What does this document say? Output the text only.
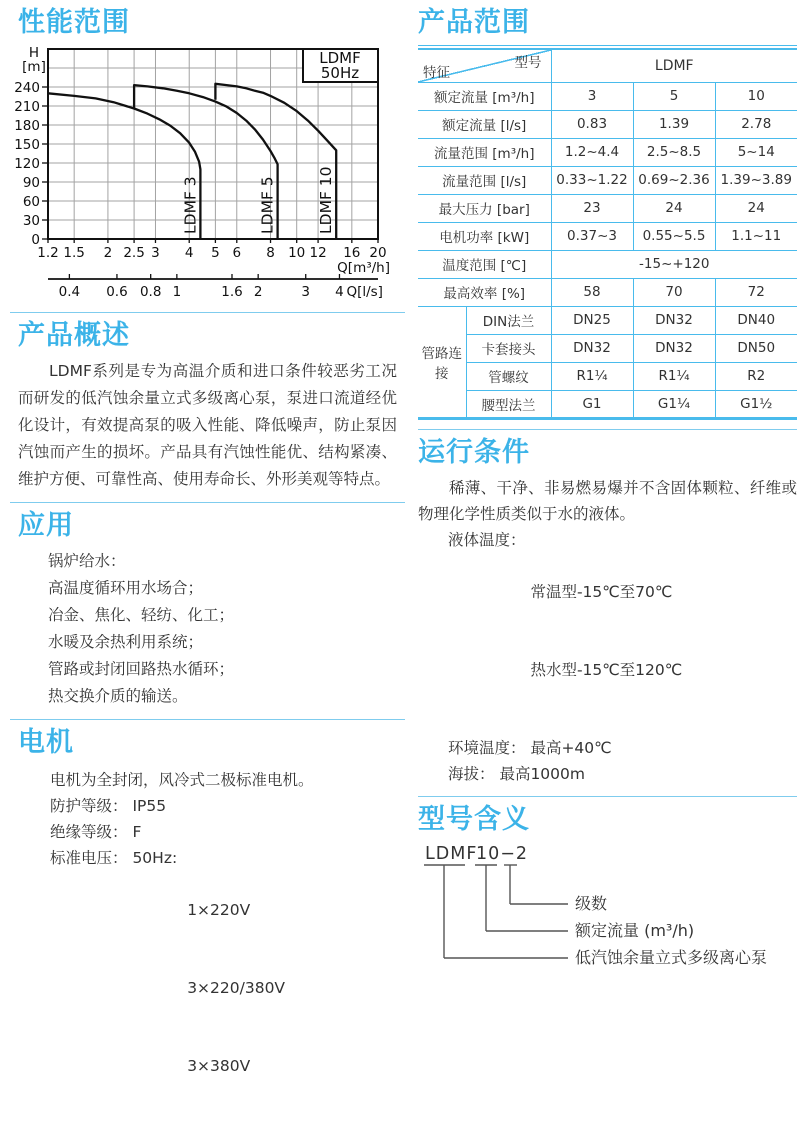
性能范围
LDMF 3	LDMF 5	LDMF 10
1.2 1.5 2 2.5 3 4 5 6 8 10 12 16 20
0
30
60
90
120
150
180
210
240
H
[m]
Q[m³/h]
0.4 0.6 0.8 1	1.6 2	3 4 Q[l/s]
LDMF
50Hz
产品概述

LDMF系列是专为高温介质和进口条件较恶劣工况而研发的低汽蚀余量立式多级离心泵，泵进口流道经优化设计，有效提高泵的吸入性能、降低噪声，防止泵因汽蚀而产生的损坏。产品具有汽蚀性能优、结构紧凑、维护方便、可靠性高、使用寿命长、外形美观等特点。

应用
锅炉给水：
高温度循环用水场合；
冶金、焦化、轻纺、化工；
水暖及余热利用系统；
管路或封闭回路热水循环；
热交换介质的输送。
电机
电机为全封闭，风冷式二极标准电机。
防护等级： IP55
绝缘等级： F
标准电压： 50Hz:

1×220V

3×220/380V

3×380V

产品范围
型号
特征		LDMF		
额定流量 [m³/h]		3	5	10
额定流量 [l/s]		0.83	1.39	2.78
流量范围 [m³/h]		1.2~4.4	2.5~8.5	5~14
流量范围 [l/s]		0.33~1.22	0.69~2.36	1.39~3.89
最大压力 [bar]		23	24	24
电机功率 [kW]		0.37~3	0.55~5.5	1.1~11
温度范围 [℃]		-15~+120		
最高效率 [%]		58	70	72
管路连接	DIN法兰	DN25	DN32	DN40
	卡套接头	DN32	DN32	DN50
	管螺纹	R1¼	R1¼	R2
	腰型法兰	G1	G1¼	G1½
运行条件

稀薄、干净、非易燃易爆并不含固体颗粒、纤维或物理化学性质类似于水的液体。

液体温度：

常温型-15℃至70℃

热水型-15℃至120℃

环境温度： 最高+40℃
海拔： 最高1000m
型号含义
LDMF
10−2
级数
额定流量 (m³/h)
低汽蚀余量立式多级离心泵
